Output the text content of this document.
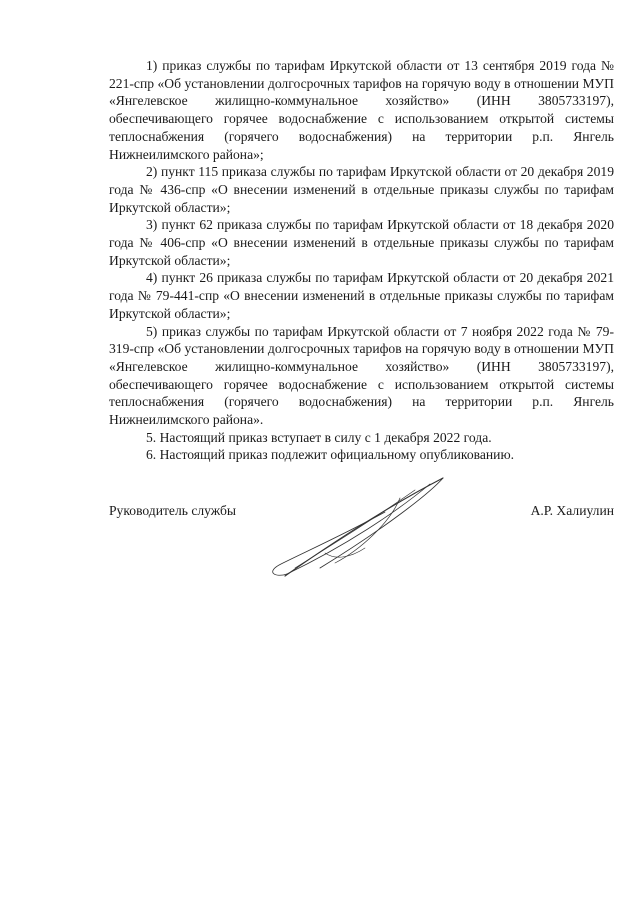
1) приказ службы по тарифам Иркутской области от 13 сентября 2019 года № 221-спр «Об установлении долгосрочных тарифов на горячую воду в отношении МУП «Янгелевское жилищно-коммунальное хозяйство» (ИНН 3805733197), обеспечивающего горячее водоснабжение с использованием открытой системы теплоснабжения (горячего водоснабжения) на территории р.п. Янгель Нижнеилимского района»;

2) пункт 115 приказа службы по тарифам Иркутской области от 20 декабря 2019 года № 436-спр «О внесении изменений в отдельные приказы службы по тарифам Иркутской области»;

3) пункт 62 приказа службы по тарифам Иркутской области от 18 декабря 2020 года № 406-спр «О внесении изменений в отдельные приказы службы по тарифам Иркутской области»;

4) пункт 26 приказа службы по тарифам Иркутской области от 20 декабря 2021 года № 79-441-спр «О внесении изменений в отдельные приказы службы по тарифам Иркутской области»;

5) приказ службы по тарифам Иркутской области от 7 ноября 2022 года № 79-319-спр «Об установлении долгосрочных тарифов на горячую воду в отношении МУП «Янгелевское жилищно-коммунальное хозяйство» (ИНН 3805733197), обеспечивающего горячее водоснабжение с использованием открытой системы теплоснабжения (горячего водоснабжения) на территории р.п. Янгель Нижнеилимского района».

5. Настоящий приказ вступает в силу с 1 декабря 2022 года.

6. Настоящий приказ подлежит официальному опубликованию.

Руководитель службы	А.Р. Халиулин
